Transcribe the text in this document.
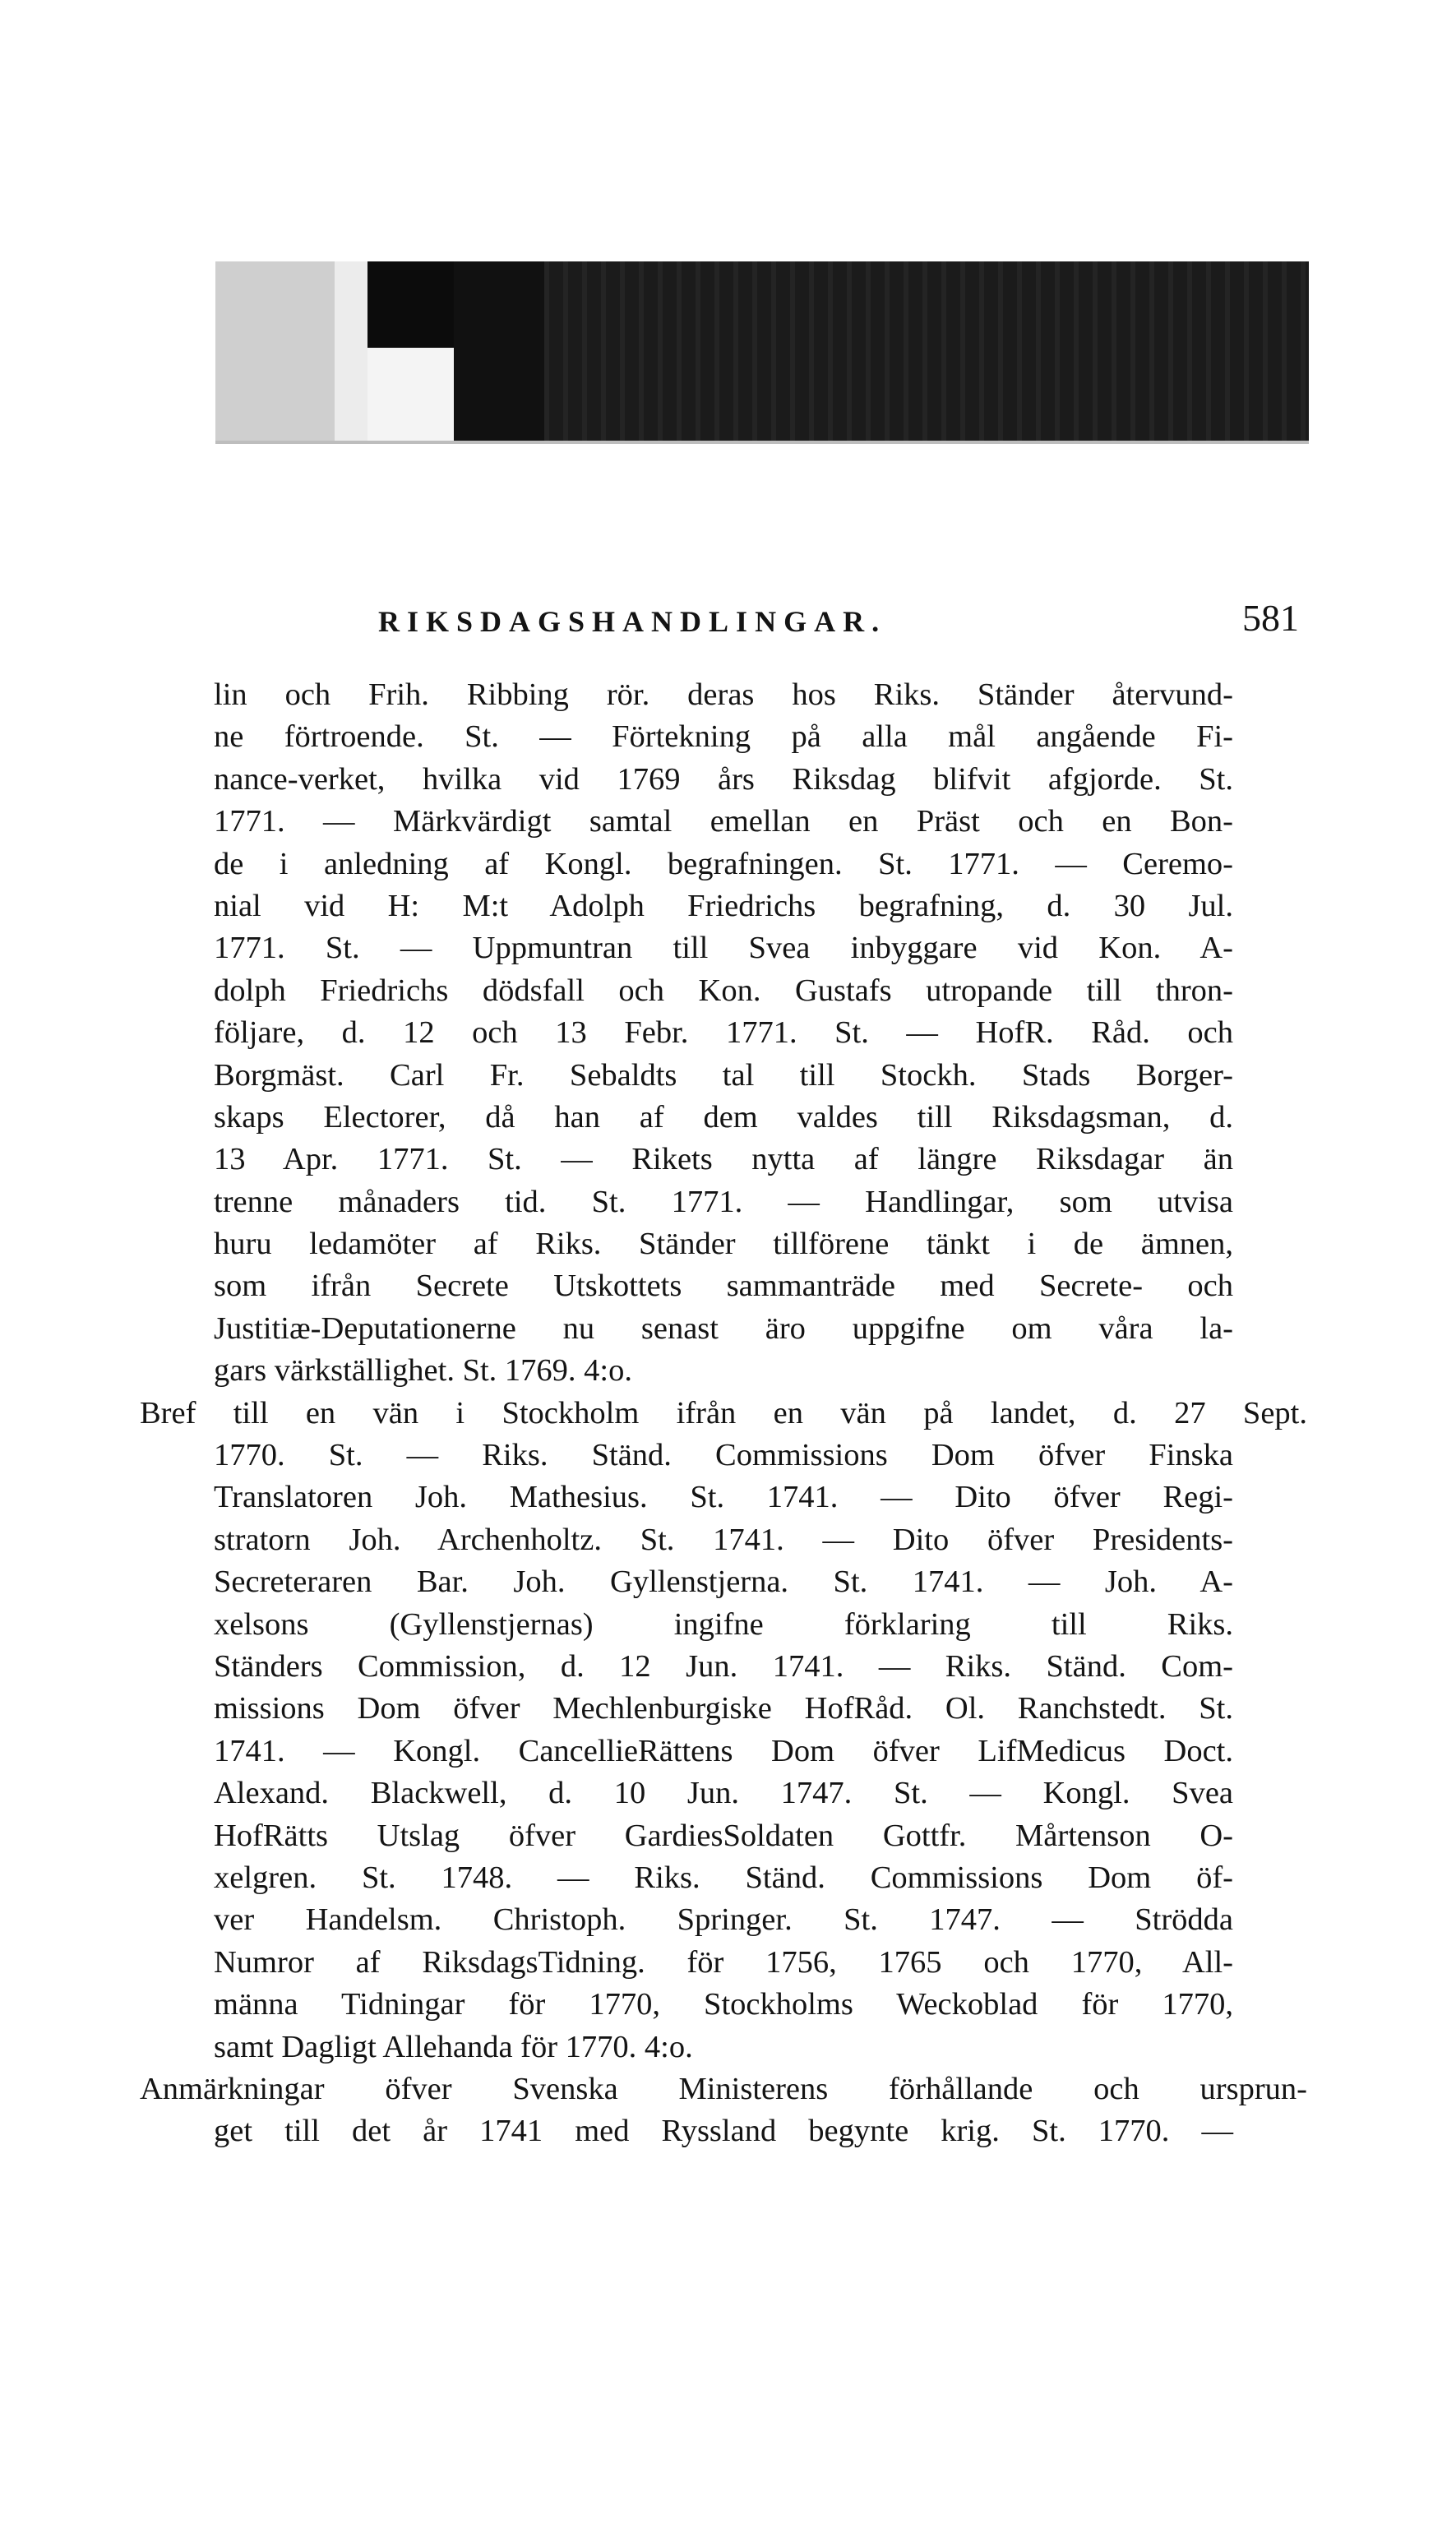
RIKSDAGSHANDLINGAR.	581
lin och Frih. Ribbing rör. deras hos Riks. Ständer återvund-
ne förtroende. St. — Förtekning på alla mål angående Fi-
nance-verket, hvilka vid 1769 års Riksdag blifvit afgjorde. St.
1771. — Märkvärdigt samtal emellan en Präst och en Bon-
de i anledning af Kongl. begrafningen. St. 1771. — Ceremo-
nial vid H: M:t Adolph Friedrichs begrafning, d. 30 Jul.
1771. St. — Uppmuntran till Svea inbyggare vid Kon. A-
dolph Friedrichs dödsfall och Kon. Gustafs utropande till thron-
följare, d. 12 och 13 Febr. 1771. St. — HofR. Råd. och
Borgmäst. Carl Fr. Sebaldts tal till Stockh. Stads Borger-
skaps Electorer, då han af dem valdes till Riksdagsman, d.
13 Apr. 1771. St. — Rikets nytta af längre Riksdagar än
trenne månaders tid. St. 1771. — Handlingar, som utvisa
huru ledamöter af Riks. Ständer tillförene tänkt i de ämnen,
som ifrån Secrete Utskottets sammanträde med Secrete- och
Justitiæ-Deputationerne nu senast äro uppgifne om våra la-
gars värkställighet. St. 1769. 4:o.
Bref till en vän i Stockholm ifrån en vän på landet, d. 27 Sept.
1770. St. — Riks. Ständ. Commissions Dom öfver Finska
Translatoren Joh. Mathesius. St. 1741. — Dito öfver Regi-
stratorn Joh. Archenholtz. St. 1741. — Dito öfver Presidents-
Secreteraren Bar. Joh. Gyllenstjerna. St. 1741. — Joh. A-
xelsons (Gyllenstjernas) ingifne förklaring till Riks.
Ständers Commission, d. 12 Jun. 1741. — Riks. Ständ. Com-
missions Dom öfver Mechlenburgiske HofRåd. Ol. Ranchstedt. St.
1741. — Kongl. CancellieRättens Dom öfver LifMedicus Doct.
Alexand. Blackwell, d. 10 Jun. 1747. St. — Kongl. Svea
HofRätts Utslag öfver GardiesSoldaten Gottfr. Mårtenson O-
xelgren. St. 1748. — Riks. Ständ. Commissions Dom öf-
ver Handelsm. Christoph. Springer. St. 1747. — Strödda
Numror af RiksdagsTidning. för 1756, 1765 och 1770, All-
männa Tidningar för 1770, Stockholms Weckoblad för 1770,
samt Dagligt Allehanda för 1770. 4:o.
Anmärkningar öfver Svenska Ministerens förhållande och ursprun-
get till det år 1741 med Ryssland begynte krig. St. 1770. —
